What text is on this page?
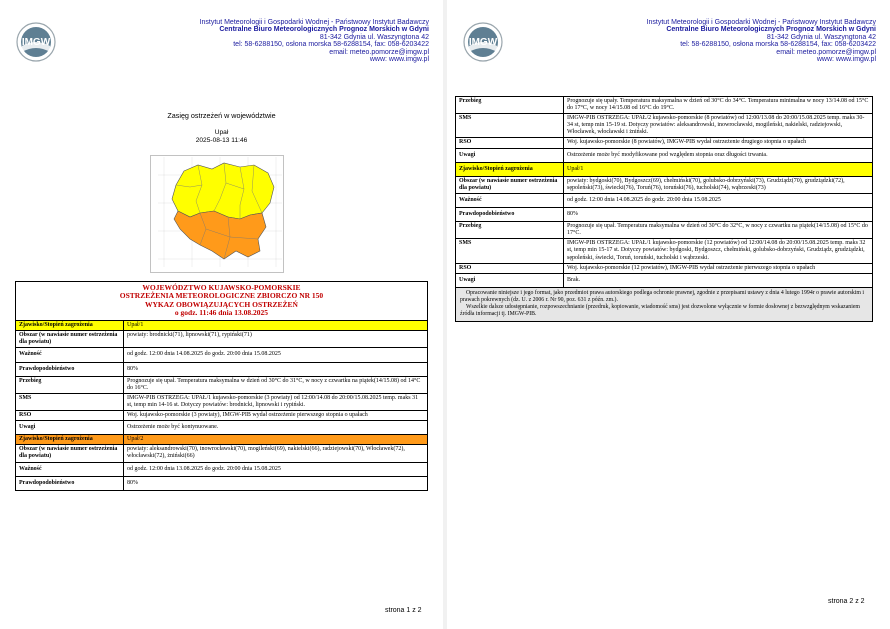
IMGW
Instytut Meteorologii i Gospodarki Wodnej - Państwowy Instytut Badawczy
Centralne Biuro Meteorologicznych Prognoz Morskich w Gdyni
81-342 Gdynia ul. Waszyngtona 42
tel: 58-6288150, osłona morska 58-6288154, fax: 058-6203422
email: meteo.pomorze@imgw.pl
www: www.imgw.pl
Zasięg ostrzeżeń w województwie
Upał
2025-08-13 11:46
WOJEWÓDZTWO KUJAWSKO-POMORSKIE
OSTRZEŻENIA METEOROLOGICZNE ZBIORCZO NR 150
WYKAZ OBOWIĄZUJĄCYCH OSTRZEŻEŃ
o godz. 11:46 dnia 13.08.2025
Zjawisko/Stopień zagrożenia	Upał/1
Obszar (w nawiasie numer ostrzeżenia dla powiatu)	powiaty: brodnicki(71), lipnowski(71), rypiński(71)
Ważność	od godz. 12:00 dnia 14.08.2025 do godz. 20:00 dnia 15.08.2025
Prawdopodobieństwo	80%
Przebieg	Prognozuje się upał. Temperatura maksymalna w dzień od 30°C do 31°C, w nocy z czwartku na piątek(14/15.08) od 14°C do 16°C.
SMS	IMGW-PIB OSTRZEGA: UPAŁ/1 kujawsko-pomorskie (3 powiaty) od 12:00/14.08 do 20:00/15.08.2025 temp. maks 31 st, temp min 14-16 st. Dotyczy powiatów: brodnicki, lipnowski i rypiński.
RSO	Woj. kujawsko-pomorskie (3 powiaty), IMGW-PIB wydał ostrzeżenie pierwszego stopnia o upałach
Uwagi	Ostrzeżenie może być kontynuowane.
Zjawisko/Stopień zagrożenia	Upał/2
Obszar (w nawiasie numer ostrzeżenia dla powiatu)	powiaty: aleksandrowski(70), inowrocławski(70), mogileński(69), nakielski(66), radziejowski(70), Włocławek(72), włocławski(72), żniński(66)
Ważność	od godz. 12:00 dnia 13.08.2025 do godz. 20:00 dnia 15.08.2025
Prawdopodobieństwo	80%
strona 1 z 2
IMGW
Instytut Meteorologii i Gospodarki Wodnej - Państwowy Instytut Badawczy
Centralne Biuro Meteorologicznych Prognoz Morskich w Gdyni
81-342 Gdynia ul. Waszyngtona 42
tel: 58-6288150, osłona morska 58-6288154, fax: 058-6203422
email: meteo.pomorze@imgw.pl
www: www.imgw.pl
Przebieg	Prognozuje się upały. Temperatura maksymalna w dzień od 30°C do 34°C. Temperatura minimalna w nocy 13/14.08 od 15°C do 17°C, w nocy 14/15.08 od 16°C do 19°C.
SMS	IMGW-PIB OSTRZEGA: UPAŁ/2 kujawsko-pomorskie (8 powiatów) od 12:00/13.08 do 20:00/15.08.2025 temp. maks 30-34 st, temp min 15-19 st. Dotyczy powiatów: aleksandrowski, inowrocławski, mogileński, nakielski, radziejowski, Włocławek, włocławski i żniński.
RSO	Woj. kujawsko-pomorskie (8 powiatów), IMGW-PIB wydał ostrzeżenie drugiego stopnia o upałach
Uwagi	Ostrzeżenie może być modyfikowane pod względem stopnia oraz długości trwania.
Zjawisko/Stopień zagrożenia	Upał/1
Obszar (w nawiasie numer ostrzeżenia dla powiatu)	powiaty: bydgoski(70), Bydgoszcz(69), chełmiński(70), golubsko-dobrzyński(73), Grudziądz(70), grudziądzki(72), sępoleński(73), świecki(76), Toruń(76), toruński(76), tucholski(74), wąbrzeski(73)
Ważność	od godz. 12:00 dnia 14.08.2025 do godz. 20:00 dnia 15.08.2025
Prawdopodobieństwo	80%
Przebieg	Prognozuje się upał. Temperatura maksymalna w dzień od 30°C do 32°C, w nocy z czwartku na piątek(14/15.08) od 15°C do 17°C.
SMS	IMGW-PIB OSTRZEGA: UPAŁ/1 kujawsko-pomorskie (12 powiatów) od 12:00/14.08 do 20:00/15.08.2025 temp. maks 32 st, temp min 15-17 st. Dotyczy powiatów: bydgoski, Bydgoszcz, chełmiński, golubsko-dobrzyński, Grudziądz, grudziądzki, sępoleński, świecki, Toruń, toruński, tucholski i wąbrzeski.
RSO	Woj. kujawsko-pomorskie (12 powiatów), IMGW-PIB wydał ostrzeżenie pierwszego stopnia o upałach
Uwagi	Brak.
Opracowanie niniejsze i jego format, jako przedmiot prawa autorskiego podlega ochronie prawnej, zgodnie z przepisami ustawy z dnia 4 lutego 1994r o prawie autorskim i prawach pokrewnych (dz. U. z 2006 r. Nr 90, poz. 631 z późn. zm.).
Wszelkie dalsze udostępnianie, rozpowszechnianie (przedruk, kopiowanie, wiadomość sms) jest dozwolone wyłącznie w formie dosłownej z bezwzględnym wskazaniem źródła informacji tj. IMGW-PIB.
strona 2 z 2
